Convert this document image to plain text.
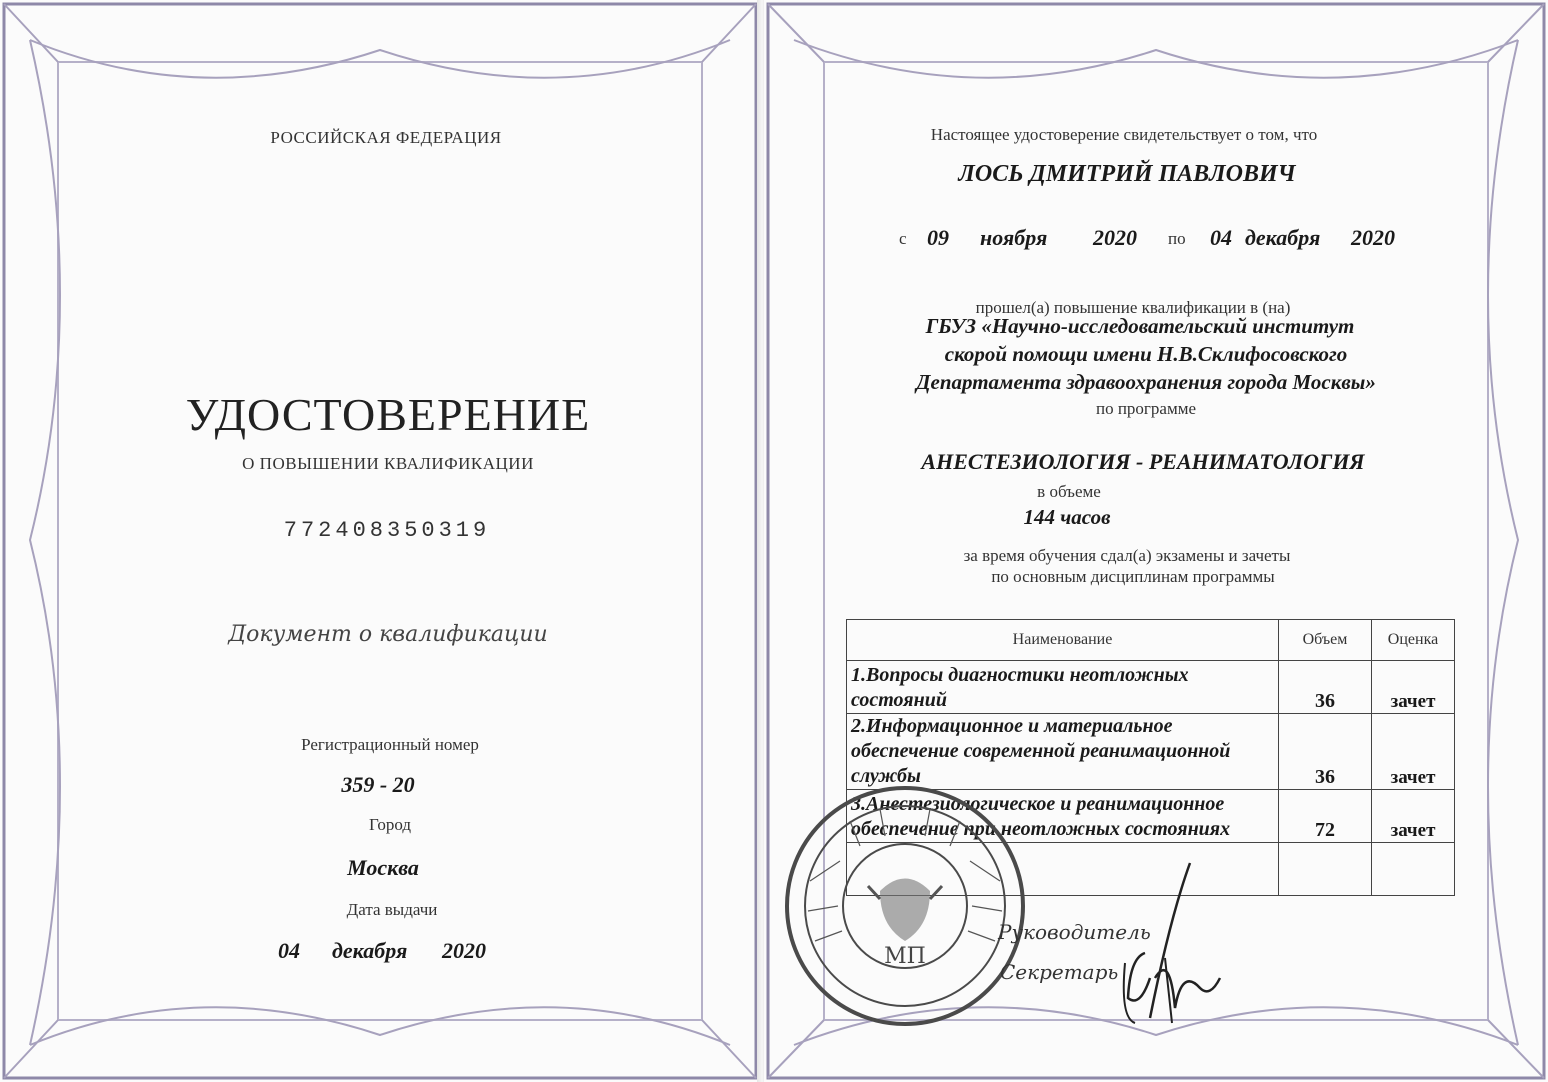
РОССИЙСКАЯ ФЕДЕРАЦИЯ
УДОСТОВЕРЕНИЕ
О ПОВЫШЕНИИ КВАЛИФИКАЦИИ
772408350319
Документ о квалификации
Регистрационный номер
359 - 20
Город
Москва
Дата выдачи
04 декабря 2020
Настоящее удостоверение свидетельствует о том, что
ЛОСЬ ДМИТРИЙ ПАВЛОВИЧ
с 09 ноября 2020 по 04 декабря 2020
прошел(а) повышение квалификации в (на)
ГБУЗ «Научно-исследовательский институт
скорой помощи имени Н.В.Склифосовского
Департамента здравоохранения города Москвы»
по программе
АНЕСТЕЗИОЛОГИЯ - РЕАНИМАТОЛОГИЯ
в объеме
144 часов
за время обучения сдал(а) экзамены и зачеты
по основным дисциплинам программы
Наименование	Объем	Оценка
1.Вопросы диагностики неотложных состояний	36	зачет
2.Информационное и материальное обеспечение современной реанимационной службы	36	зачет
3.Анестезиологическое и реанимационное обеспечение при неотложных состояниях	72	зачет

МП
Руководитель
Секретарь
